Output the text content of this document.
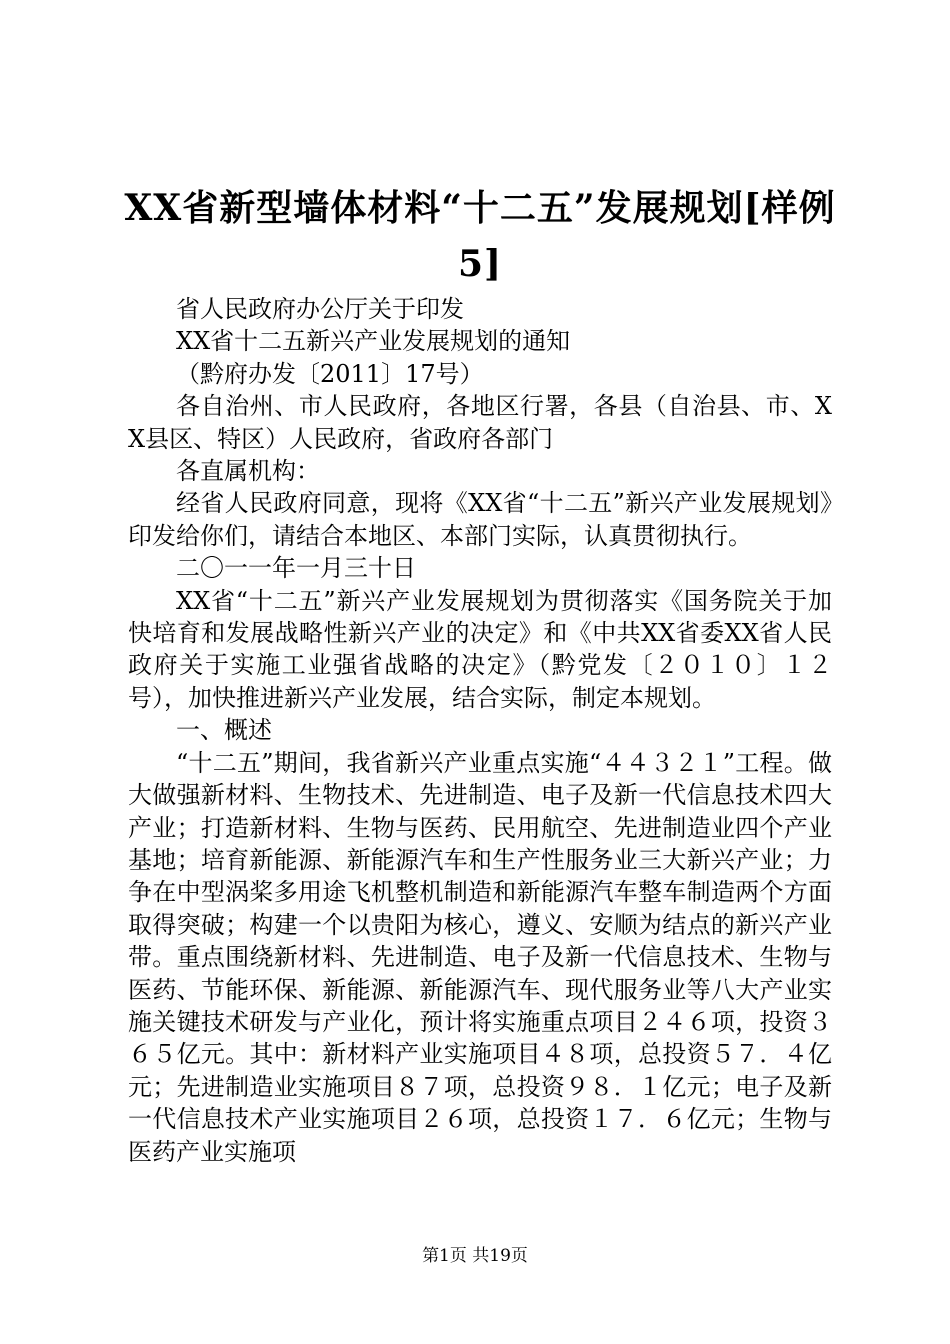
XX省新型墙体材料“十二五”发展规划[样例5]

省人民政府办公厅关于印发

XX省十二五新兴产业发展规划的通知

（黔府办发〔2011〕17号）

各自治州、市人民政府，各地区行署，各县（自治县、市、XX县区、特区）人民政府，省政府各部门

各直属机构：

经省人民政府同意，现将《XX省“十二五”新兴产业发展规划》印发给你们，请结合本地区、本部门实际，认真贯彻执行。

二〇一一年一月三十日

XX省“十二五”新兴产业发展规划为贯彻落实《国务院关于加快培育和发展战略性新兴产业的决定》和《中共XX省委XX省人民政府关于实施工业强省战略的决定》（黔党发〔２０１０〕１２号），加快推进新兴产业发展，结合实际，制定本规划。

一、概述

“十二五”期间，我省新兴产业重点实施“４４３２１”工程。做大做强新材料、生物技术、先进制造、电子及新一代信息技术四大产业；打造新材料、生物与医药、民用航空、先进制造业四个产业基地；培育新能源、新能源汽车和生产性服务业三大新兴产业；力争在中型涡桨多用途飞机整机制造和新能源汽车整车制造两个方面取得突破；构建一个以贵阳为核心，遵义、安顺为结点的新兴产业带。重点围绕新材料、先进制造、电子及新一代信息技术、生物与医药、节能环保、新能源、新能源汽车、现代服务业等八大产业实施关键技术研发与产业化，预计将实施重点项目２４６项，投资３６５亿元。其中：新材料产业实施项目４８项，总投资５７．４亿元；先进制造业实施项目８７项，总投资９８．１亿元；电子及新一代信息技术产业实施项目２６项，总投资１７．６亿元；生物与医药产业实施项

第1页 共19页
